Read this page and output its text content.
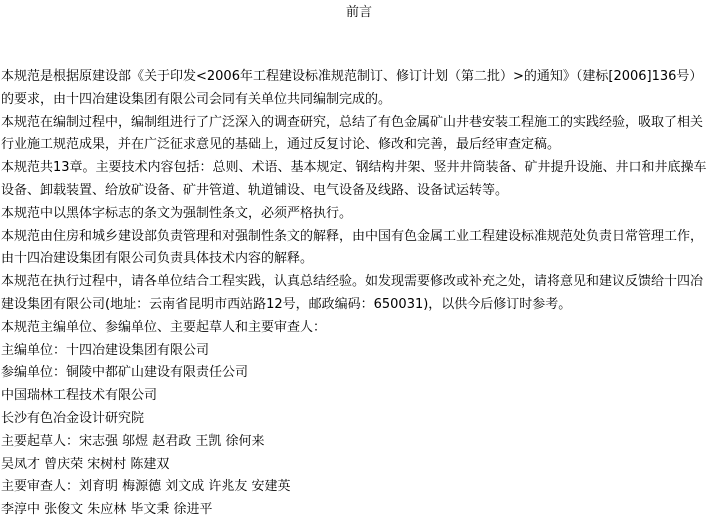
前言

本规范是根据原建设部《关于印发<2006年工程建设标准规范制订、修订计划（第二批）>的通知》（建标[2006]136号）的要求，由十四冶建设集团有限公司会同有关单位共同编制完成的。

本规范在编制过程中，编制组进行了广泛深入的调查研究，总结了有色金属矿山井巷安装工程施工的实践经验，吸取了相关行业施工规范成果，并在广泛征求意见的基础上，通过反复讨论、修改和完善，最后经审查定稿。

本规范共13章。主要技术内容包括：总则、术语、基本规定、钢结构井架、竖井井筒装备、矿井提升设施、井口和井底操车设备、卸载装置、给放矿设备、矿井管道、轨道铺设、电气设备及线路、设备试运转等。

本规范中以黑体字标志的条文为强制性条文，必须严格执行。

本规范由住房和城乡建设部负责管理和对强制性条文的解释，由中国有色金属工业工程建设标准规范处负责日常管理工作，由十四冶建设集团有限公司负责具体技术内容的解释。

本规范在执行过程中，请各单位结合工程实践，认真总结经验。如发现需要修改或补充之处，请将意见和建议反馈给十四冶建设集团有限公司(地址：云南省昆明市西站路12号，邮政编码：650031)，以供今后修订时参考。

本规范主编单位、参编单位、主要起草人和主要审查人：

主编单位：十四冶建设集团有限公司

参编单位：铜陵中都矿山建设有限责任公司

中国瑞林工程技术有限公司

长沙有色冶金设计研究院

主要起草人：宋志强 邬煜 赵君政 王凯 徐何来

吴凤才 曾庆荣 宋树村 陈建双

主要审查人：刘育明 梅源德 刘文成 许兆友 安建英

李淳中 张俊文 朱应林 毕文秉 徐进平
